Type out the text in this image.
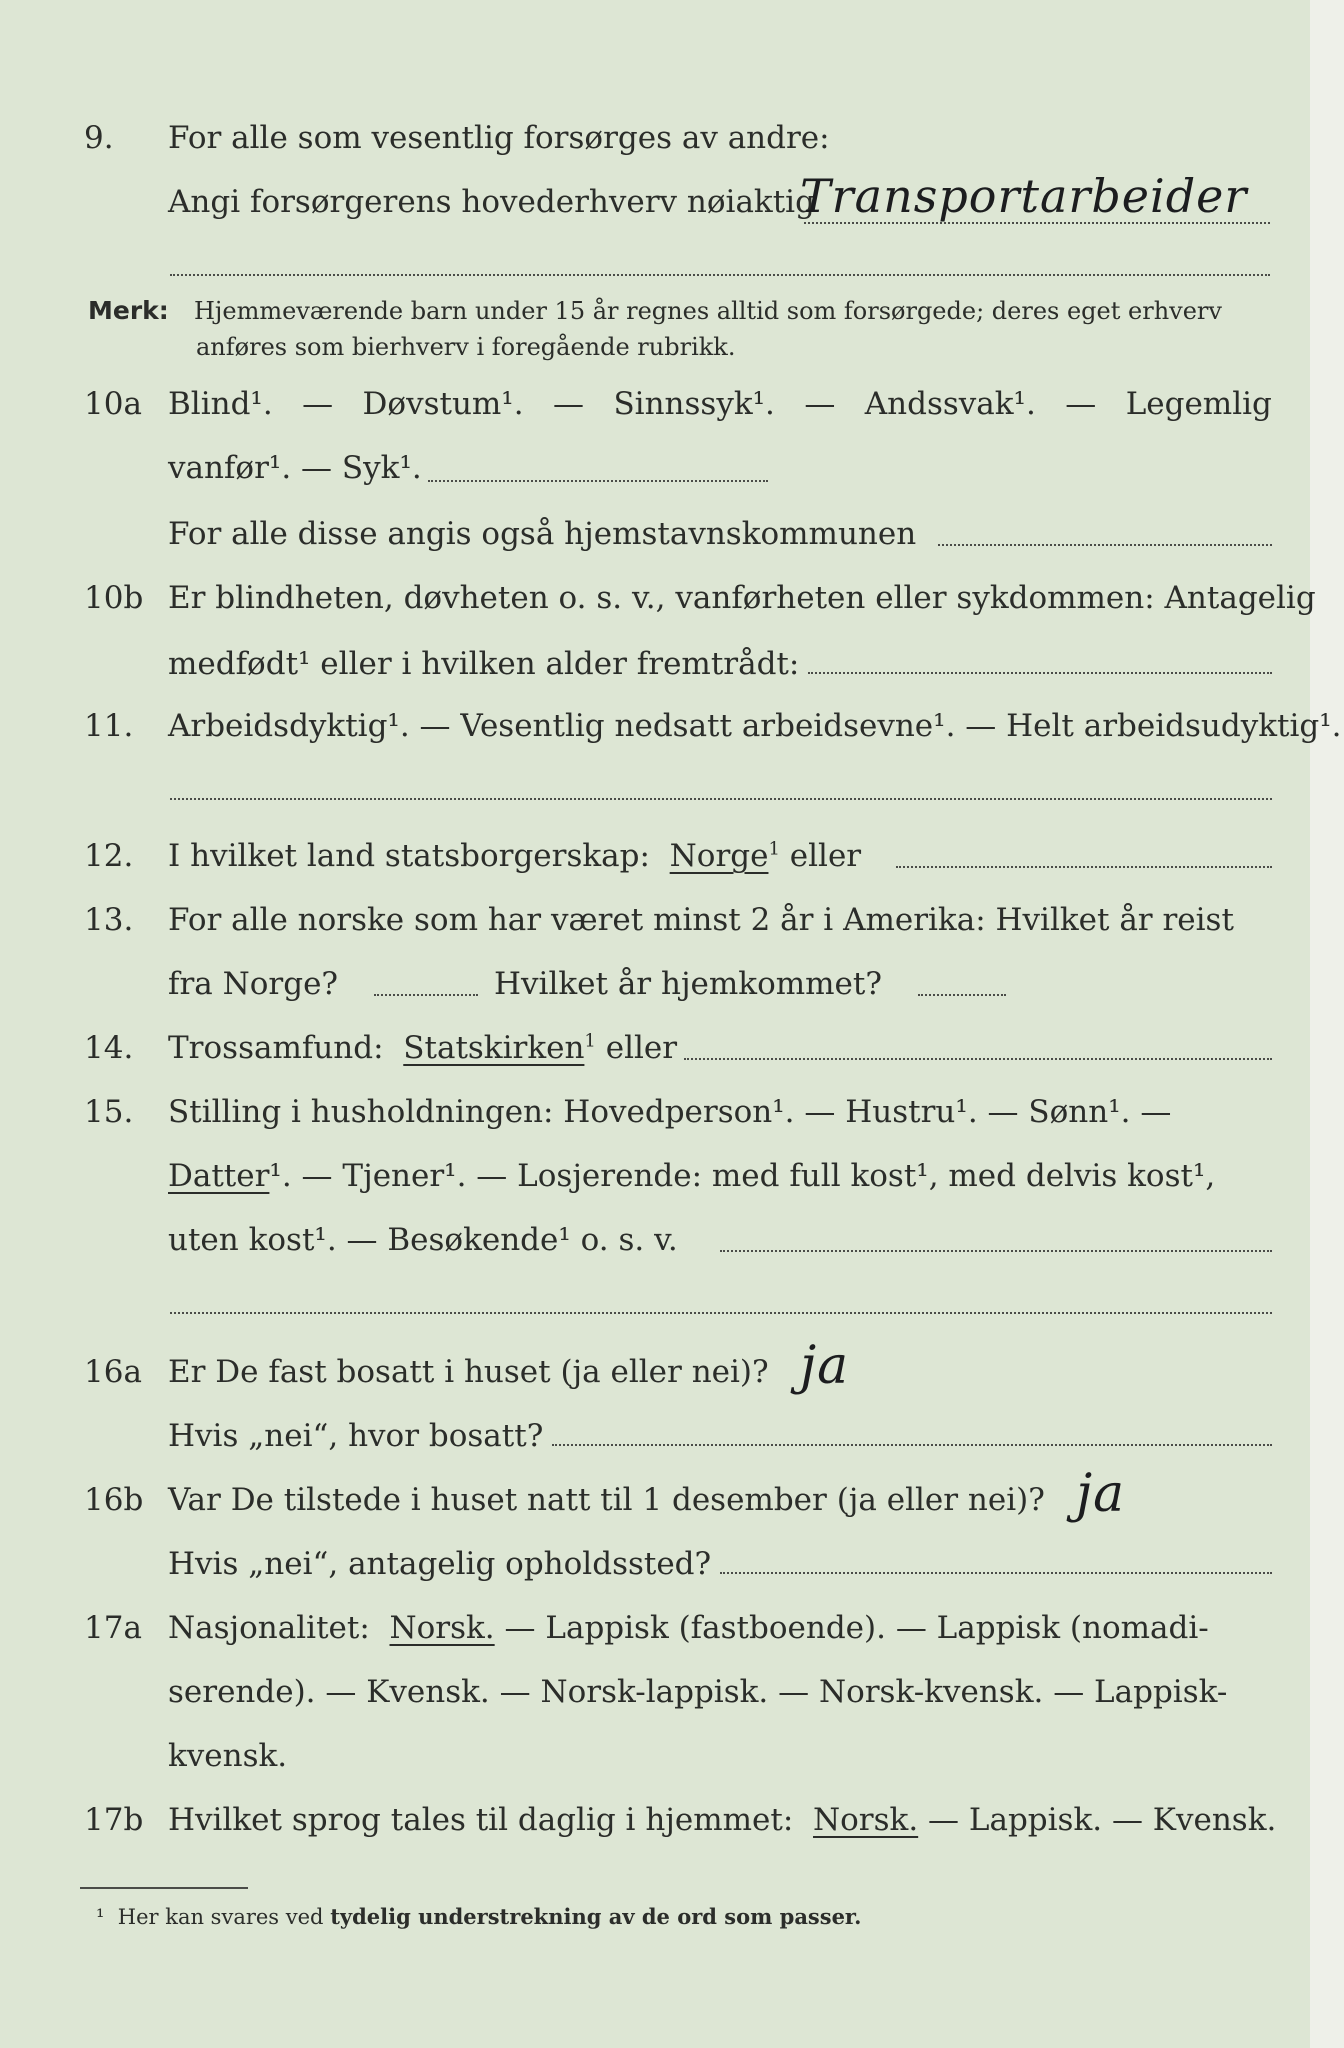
9. For alle som vesentlig forsørges av andre:
Angi forsørgerens hovederhverv nøiaktig
Transportarbeider
Merk: Hjemmeværende barn under 15 år regnes alltid som forsørgede; deres eget erhverv
anføres som bierhverv i foregående rubrikk.
10a Blind¹. — Døvstum¹. — Sinnssyk¹. — Andssvak¹. — Legemlig
vanfør¹. — Syk¹.
For alle disse angis også hjemstavnskommunen
10b Er blindheten, døvheten o. s. v., vanførheten eller sykdommen: Antagelig
medfødt¹ eller i hvilken alder fremtrådt:
11. Arbeidsdyktig¹. — Vesentlig nedsatt arbeidsevne¹. — Helt arbeidsudyktig¹.
12. I hvilket land statsborgerskap: Norge$^1$ eller
13. For alle norske som har været minst 2 år i Amerika: Hvilket år reist
fra Norge?	Hvilket år hjemkommet?
14. Trossamfund: Statskirken$^1$ eller
15. Stilling i husholdningen: Hovedperson¹. — Hustru¹. — Sønn¹. —
Datter¹. — Tjener¹. — Losjerende: med full kost¹, med delvis kost¹,
uten kost¹. — Besøkende¹ o. s. v.
16a Er De fast bosatt i huset (ja eller nei)? ja
Hvis „nei“, hvor bosatt?
16b Var De tilstede i huset natt til 1 desember (ja eller nei)? ja
Hvis „nei“, antagelig opholdssted?
17a Nasjonalitet: Norsk. — Lappisk (fastboende). — Lappisk (nomadi-
serende). — Kvensk. — Norsk-lappisk. — Norsk-kvensk. — Lappisk-
kvensk.
17b Hvilket sprog tales til daglig i hjemmet: Norsk. — Lappisk. — Kvensk.
¹ Her kan svares ved tydelig understrekning av de ord som passer.
